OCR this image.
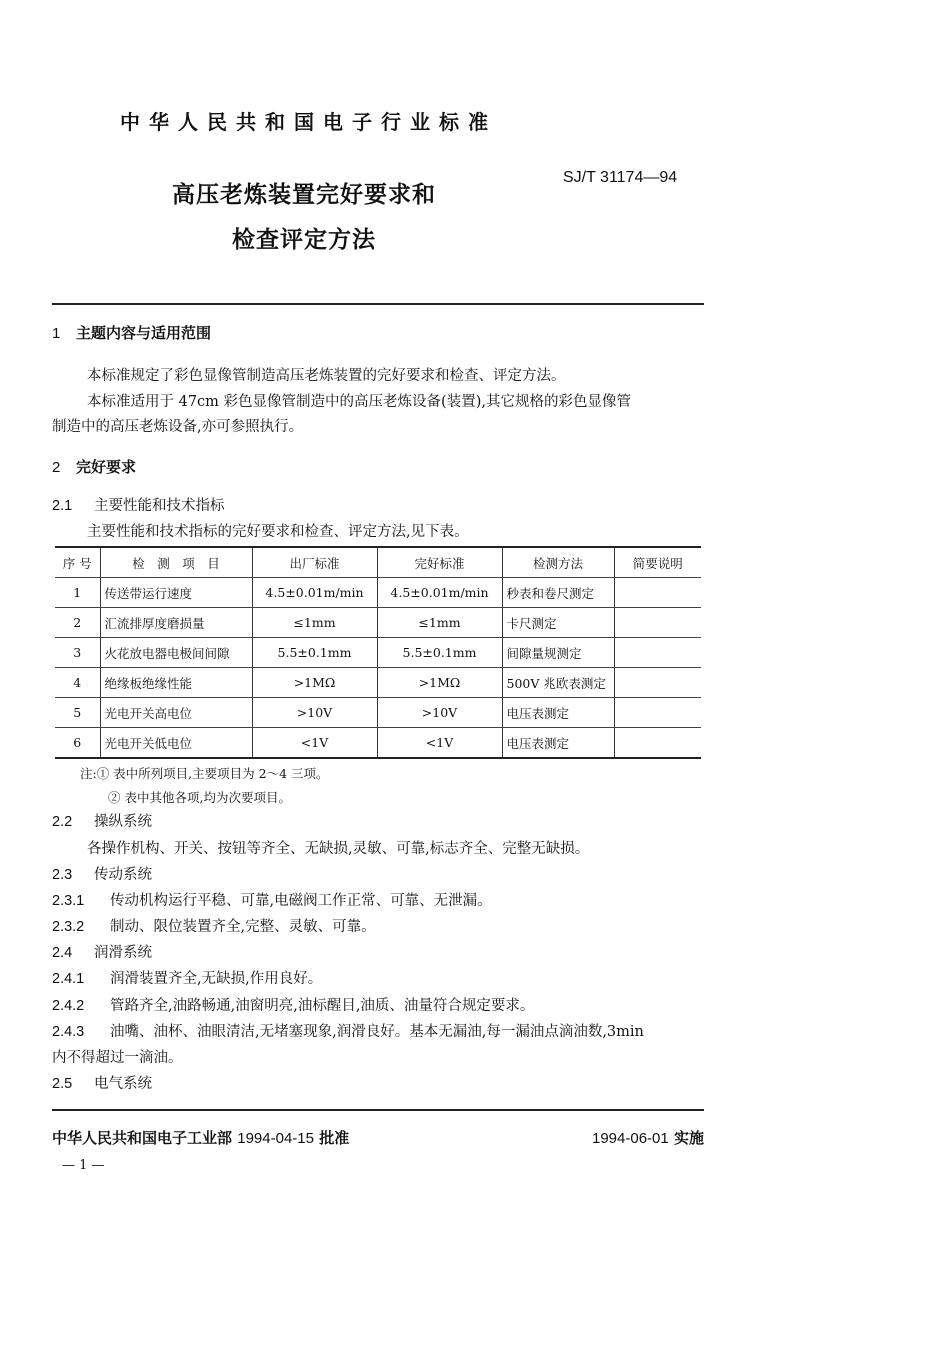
中华人民共和国电子行业标准
SJ/T 31174—94
高压老炼装置完好要求和
检查评定方法
1 主题内容与适用范围
本标准规定了彩色显像管制造高压老炼装置的完好要求和检查、评定方法。
本标准适用于 47cm 彩色显像管制造中的高压老炼设备(装置),其它规格的彩色显像管
制造中的高压老炼设备,亦可参照执行。
2 完好要求
2.1 主要性能和技术指标
主要性能和技术指标的完好要求和检查、评定方法,见下表。
序 号	检　测　项　目	出厂标准	完好标准	检测方法	简要说明
1	传送带运行速度	4.5±0.01m/min	4.5±0.01m/min	秒表和卷尺测定	
2	汇流排厚度磨损量	≤1mm	≤1mm	卡尺测定	
3	火花放电器电极间间隙	5.5±0.1mm	5.5±0.1mm	间隙量规测定	
4	绝缘板绝缘性能	>1MΩ	>1MΩ	500V 兆欧表测定	
5	光电开关高电位	>10V	>10V	电压表测定	
6	光电开关低电位	<1V	<1V	电压表测定	
注:① 表中所列项目,主要项目为 2～4 三项。
② 表中其他各项,均为次要项目。
2.2 操纵系统
各操作机构、开关、按钮等齐全、无缺损,灵敏、可靠,标志齐全、完整无缺损。
2.3 传动系统
2.3.1 传动机构运行平稳、可靠,电磁阀工作正常、可靠、无泄漏。
2.3.2 制动、限位装置齐全,完整、灵敏、可靠。
2.4 润滑系统
2.4.1 润滑装置齐全,无缺损,作用良好。
2.4.2 管路齐全,油路畅通,油窗明亮,油标醒目,油质、油量符合规定要求。
2.4.3 油嘴、油杯、油眼清洁,无堵塞现象,润滑良好。基本无漏油,每一漏油点滴油数,3min
内不得超过一滴油。
2.5 电气系统
中华人民共和国电子工业部 1994-04-15 批准	1994-06-01 实施
— 1 —
